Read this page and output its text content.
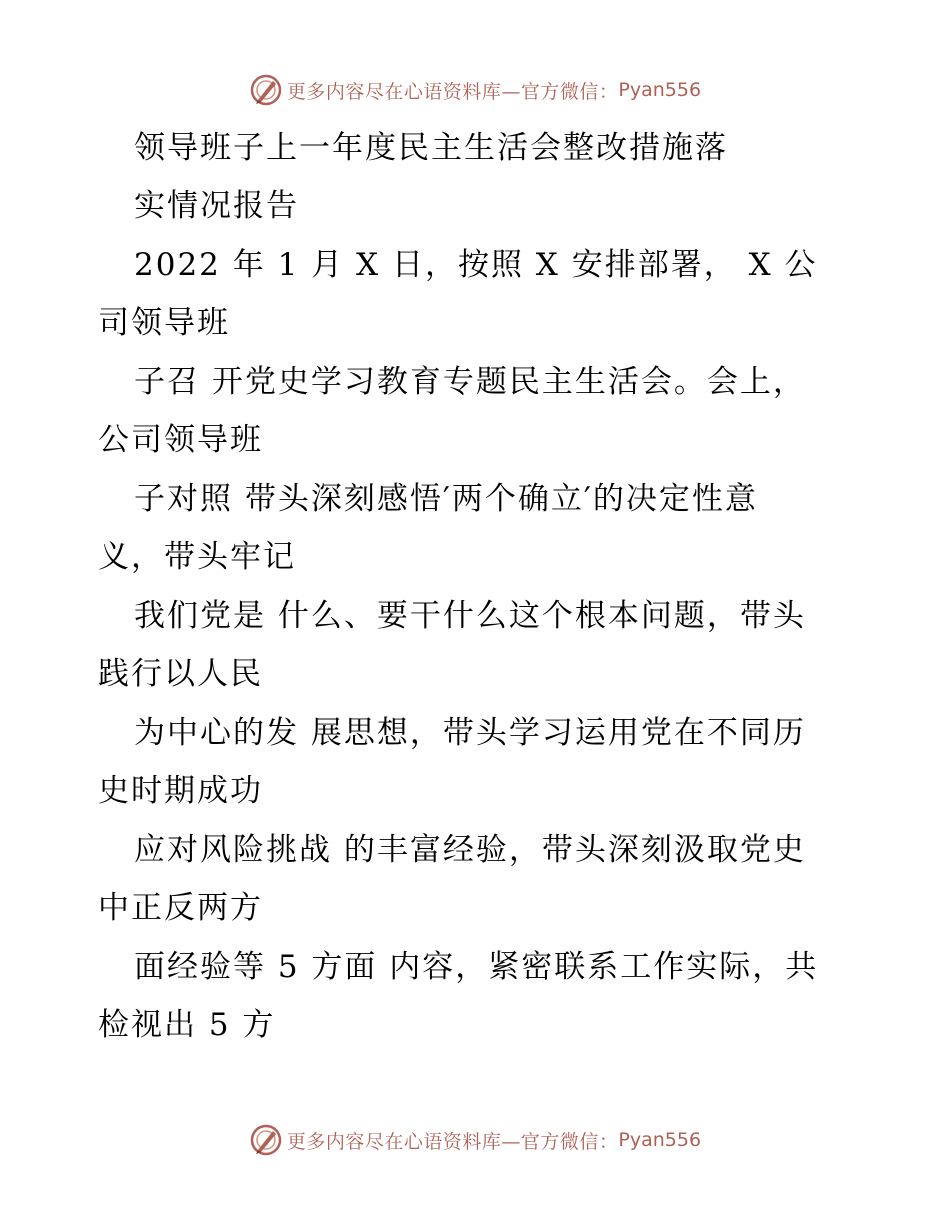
更多内容尽在心语资料库—官方微信： Pyan556
领导班子上一年度民主生活会整改措施落
实情况报告
2022 年 1 月 X 日，按照 X 安排部署， X 公
司领导班
子召 开党史学习教育专题民主生活会。会上，
公司领导班
子对照 带头深刻感悟′两个确立′的决定性意
义，带头牢记
我们党是 什么、要干什么这个根本问题，带头
践行以人民
为中心的发 展思想，带头学习运用党在不同历
史时期成功
应对风险挑战 的丰富经验，带头深刻汲取党史
中正反两方
面经验等 5 方面 内容，紧密联系工作实际，共
检视出 5 方
更多内容尽在心语资料库—官方微信： Pyan556
